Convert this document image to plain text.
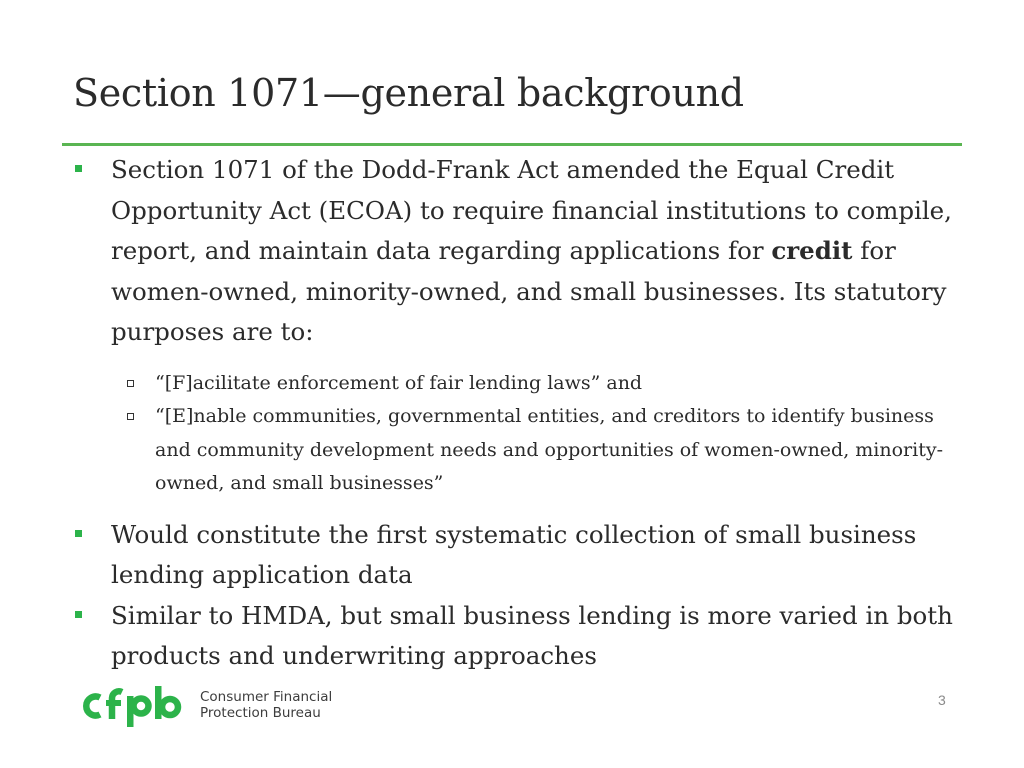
Section 1071—general background
Section 1071 of the Dodd-Frank Act amended the Equal Credit Opportunity Act (ECOA) to require financial institutions to compile, report, and maintain data regarding applications for credit for women-owned, minority-owned, and small businesses. Its statutory purposes are to:
“[F]acilitate enforcement of fair lending laws” and
“[E]nable communities, governmental entities, and creditors to identify business and community development needs and opportunities of women-owned, minority-owned, and small businesses”
Would constitute the first systematic collection of small business lending application data
Similar to HMDA, but small business lending is more varied in both products and underwriting approaches
Consumer Financial
Protection Bureau
3
